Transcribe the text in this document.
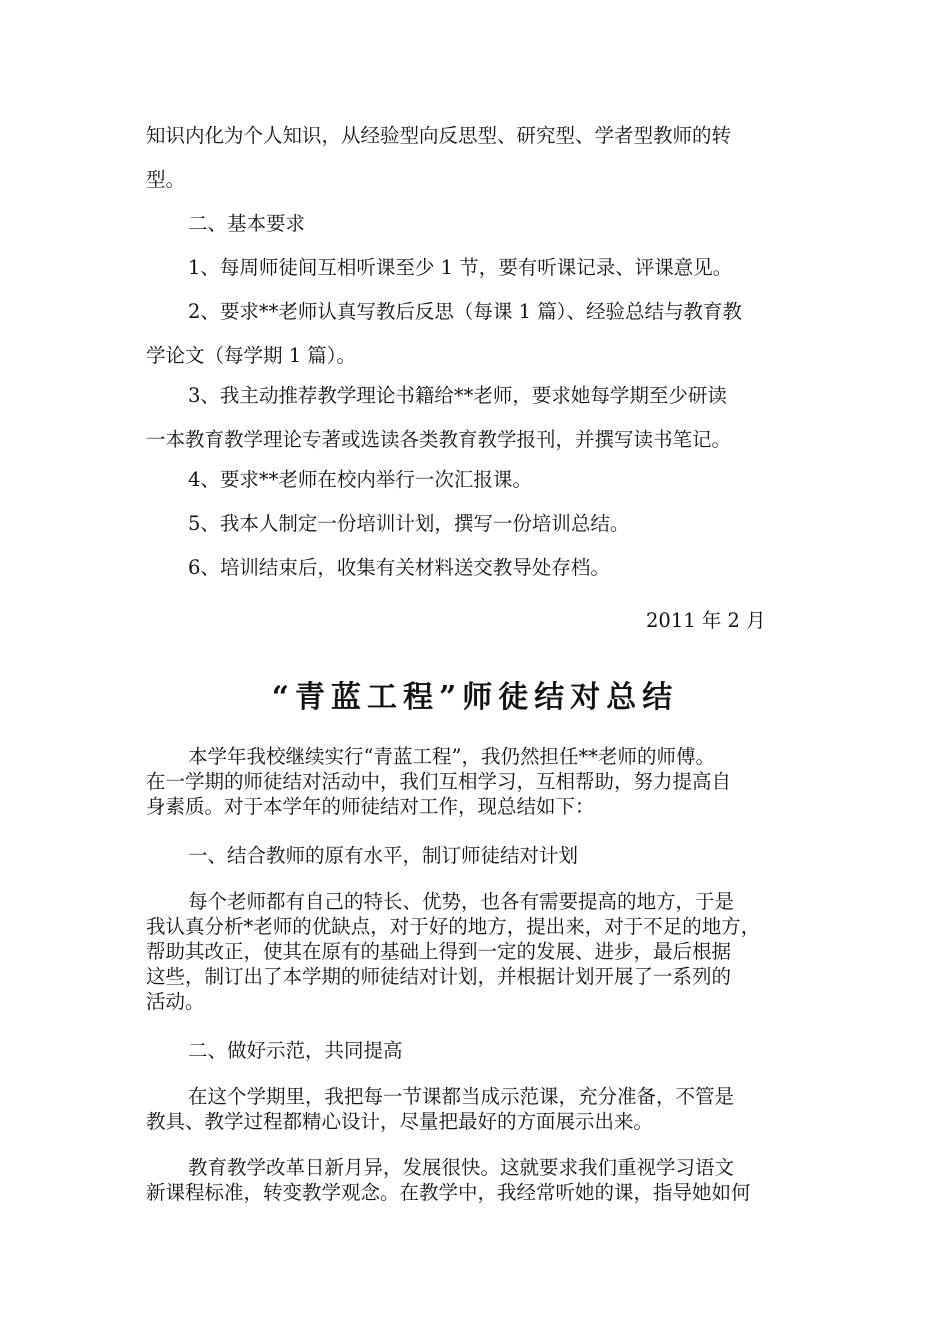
知识内化为个人知识，从经验型向反思型、研究型、学者型教师的转
型。

二、基本要求

1、每周师徒间互相听课至少 1 节，要有听课记录、评课意见。

2、要求**老师认真写教后反思（每课 1 篇）、经验总结与教育教
学论文（每学期 1 篇）。

3、我主动推荐教学理论书籍给**老师，要求她每学期至少研读
一本教育教学理论专著或选读各类教育教学报刊，并撰写读书笔记。

4、要求**老师在校内举行一次汇报课。

5、我本人制定一份培训计划，撰写一份培训总结。

6、培训结束后，收集有关材料送交教导处存档。

2011 年 2 月
“青蓝工程”师徒结对总结

本学年我校继续实行“青蓝工程”，我仍然担任**老师的师傅。
在一学期的师徒结对活动中，我们互相学习，互相帮助，努力提高自
身素质。对于本学年的师徒结对工作，现总结如下：

一、结合教师的原有水平，制订师徒结对计划

每个老师都有自己的特长、优势，也各有需要提高的地方，于是
我认真分析*老师的优缺点，对于好的地方，提出来，对于不足的地方，
帮助其改正，使其在原有的基础上得到一定的发展、进步，最后根据
这些，制订出了本学期的师徒结对计划，并根据计划开展了一系列的
活动。

二、做好示范，共同提高

在这个学期里，我把每一节课都当成示范课，充分准备，不管是
教具、教学过程都精心设计，尽量把最好的方面展示出来。

教育教学改革日新月异，发展很快。这就要求我们重视学习语文
新课程标准，转变教学观念。在教学中，我经常听她的课，指导她如何
